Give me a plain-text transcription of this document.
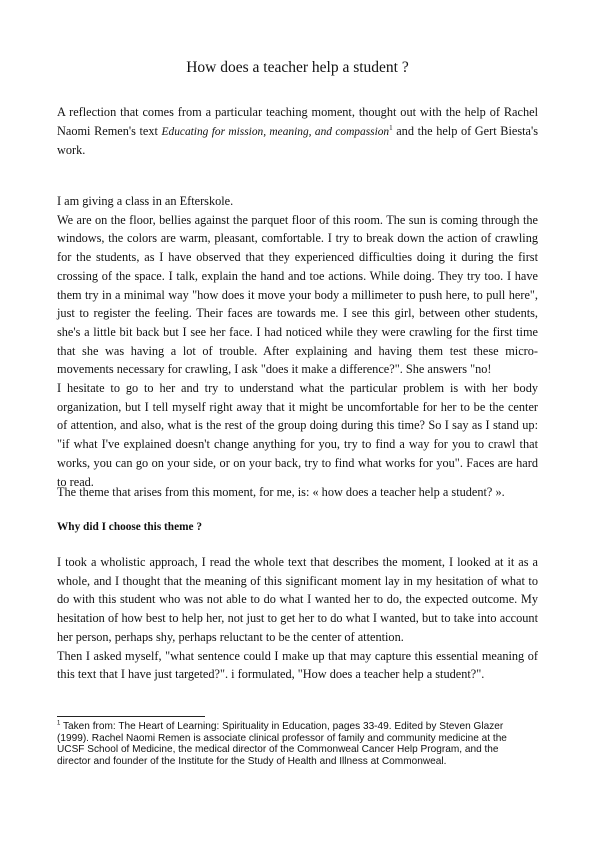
How does a teacher help a student ?

A reflection that comes from a particular teaching moment, thought out with the help of Rachel Naomi Remen's text Educating for mission, meaning, and compassion$^1$ and the help of Gert Biesta's work.

I am giving a class in an Efterskole.

We are on the floor, bellies against the parquet floor of this room. The sun is coming through the windows, the colors are warm, pleasant, comfortable. I try to break down the action of crawling for the students, as I have observed that they experienced difficulties doing it during the first crossing of the space. I talk, explain the hand and toe actions. While doing. They try too. I have them try in a minimal way "how does it move your body a millimeter to push here, to pull here", just to register the feeling. Their faces are towards me. I see this girl, between other students, she's a little bit back but I see her face. I had noticed while they were crawling for the first time that she was having a lot of trouble. After explaining and having them test these micro-movements necessary for crawling, I ask "does it make a difference?". She answers "no!

I hesitate to go to her and try to understand what the particular problem is with her body organization, but I tell myself right away that it might be uncomfortable for her to be the center of attention, and also, what is the rest of the group doing during this time? So I say as I stand up: "if what I've explained doesn't change anything for you, try to find a way for you to crawl that works, you can go on your side, or on your back, try to find what works for you". Faces are hard to read.

The theme that arises from this moment, for me, is: « how does a teacher help a student? ».
Why did I choose this theme ?

I took a wholistic approach, I read the whole text that describes the moment, I looked at it as a whole, and I thought that the meaning of this significant moment lay in my hesitation of what to do with this student who was not able to do what I wanted her to do, the expected outcome. My hesitation of how best to help her, not just to get her to do what I wanted, but to take into account her person, perhaps shy, perhaps reluctant to be the center of attention.

Then I asked myself, "what sentence could I make up that may capture this essential meaning of this text that I have just targeted?". i formulated, "How does a teacher help a student?".

$^1$ Taken from: The Heart of Learning: Spirituality in Education, pages 33-49. Edited by Steven Glazer (1999). Rachel Naomi Remen is associate clinical professor of family and community medicine at the UCSF School of Medicine, the medical director of the Commonweal Cancer Help Program, and the director and founder of the Institute for the Study of Health and Illness at Commonweal.
